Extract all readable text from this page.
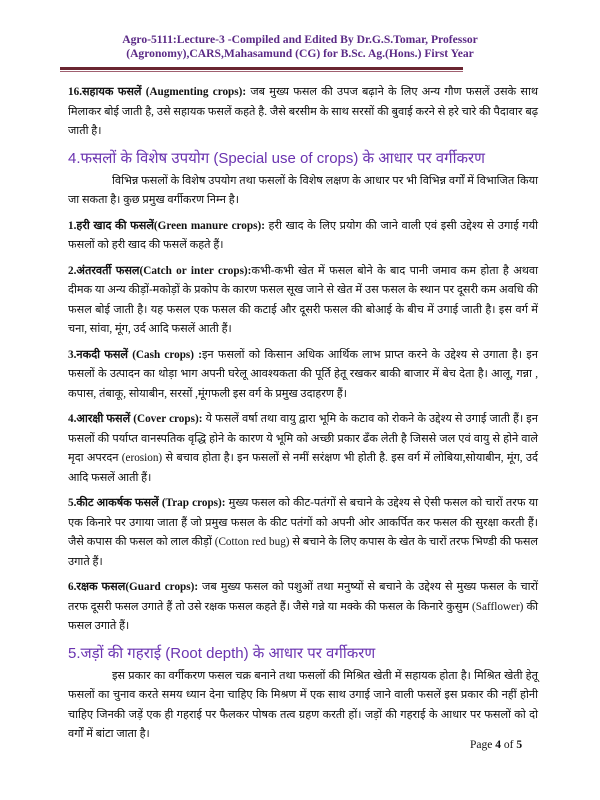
Agro-5111:Lecture-3 -Compiled and Edited By Dr.G.S.Tomar, Professor
(Agronomy),CARS,Mahasamund (CG) for B.Sc. Ag.(Hons.) First Year

16.सहायक फसलें (Augmenting crops): जब मुख्य फसल की उपज बढ़ाने के लिए अन्य गौण फसलें उसके साथ मिलाकर बोई जाती है, उसे सहायक फसलें कहते है. जैसे बरसीम के साथ सरसों की बुवाई करने से हरे चारे की पैदावार बढ़ जाती है।

4.फसलों के विशेष उपयोग (Special use of crops) के आधार पर वर्गीकरण

विभिन्न फसलों के विशेष उपयोग तथा फसलों के विशेष लक्षण के आधार पर भी विभिन्न वर्गों में विभाजित किया जा सकता है। कुछ प्रमुख वर्गीकरण निम्न है।

1.हरी खाद की फसलें(Green manure crops): हरी खाद के लिए प्रयोग की जाने वाली एवं इसी उद्देश्य से उगाई गयी फसलों को हरी खाद की फसलें कहते हैं।

2.अंतरवर्ती फसल(Catch or inter crops):कभी-कभी खेत में फसल बोने के बाद पानी जमाव कम होता है अथवा दीमक या अन्य कीड़ों-मकोड़ों के प्रकोप के कारण फसल सूख जाने से खेत में उस फसल के स्थान पर दूसरी कम अवधि की फसल बोई जाती है। यह फसल एक फसल की कटाई और दूसरी फसल की बोआई के बीच में उगाई जाती है। इस वर्ग में चना, सांवा, मूंग, उर्द आदि फसलें आती हैं।

3.नकदी फसलें (Cash crops) :इन फसलों को किसान अधिक आर्थिक लाभ प्राप्त करने के उद्देश्य से उगाता है। इन फसलों के उत्पादन का थोड़ा भाग अपनी घरेलू आवश्यकता की पूर्ति हेतू रखकर बाकी बाजार में बेच देता है। आलू, गन्ना , कपास, तंबाकू, सोयाबीन, सरसों ,मूंगफली इस वर्ग के प्रमुख उदाहरण हैं।

4.आरक्षी फसलें (Cover crops): ये फसलें वर्षा तथा वायु द्वारा भूमि के कटाव को रोकने के उद्देश्य से उगाई जाती हैं। इन फसलों की पर्याप्त वानस्पतिक वृद्धि होने के कारण ये भूमि को अच्छी प्रकार ढँक लेती है जिससे जल एवं वायु से होने वाले मृदा अपरदन (erosion) से बचाव होता है। इन फसलों से नमीं सरंक्षण भी होती है. इस वर्ग में लोबिया,सोयाबीन, मूंग, उर्द आदि फसलें आती हैं।

5.कीट आकर्षक फसलें (Trap crops): मुख्य फसल को कीट-पतंगों से बचाने के उद्देश्य से ऐसी फसल को चारों तरफ या एक किनारे पर उगाया जाता हैं जो प्रमुख फसल के कीट पतंगों को अपनी ओर आकर्पित कर फसल की सुरक्षा करती हैं। जैसे कपास की फसल को लाल कीड़ों (Cotton red bug) से बचाने के लिए कपास के खेत के चारों तरफ भिण्डी की फसल उगाते हैं।

6.रक्षक फसल(Guard crops): जब मुख्य फसल को पशुओं तथा मनुष्यों से बचाने के उद्देश्य से मुख्य फसल के चारों तरफ दूसरी फसल उगाते हैं तो उसे रक्षक फसल कहते हैं। जैसे गन्ने या मक्के की फसल के किनारे कुसुम (Safflower) की फसल उगाते हैं।

5.जड़ों की गहराई (Root depth) के आधार पर वर्गीकरण

इस प्रकार का वर्गीकरण फसल चक्र बनाने तथा फसलों की मिश्रित खेती में सहायक होता है। मिश्रित खेती हेतू फसलों का चुनाव करते समय ध्यान देना चाहिए कि मिश्रण में एक साथ उगाई जाने वाली फसलें इस प्रकार की नहीं होनी चाहिए जिनकी जड़ें एक ही गहराई पर फैलकर पोषक तत्व ग्रहण करती हों। जड़ों की गहराई के आधार पर फसलों को दो वर्गों में बांटा जाता है।

Page 4 of 5
